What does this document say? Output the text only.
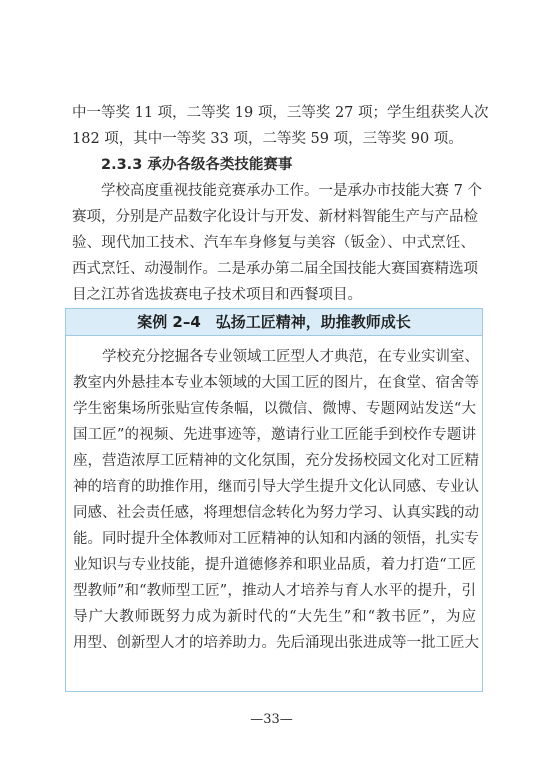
中一等奖 11 项，二等奖 19 项，三等奖 27 项；学生组获奖人次
182 项，其中一等奖 33 项，二等奖 59 项，三等奖 90 项。
2.3.3 承办各级各类技能赛事
学校高度重视技能竞赛承办工作。一是承办市技能大赛 7 个
赛项，分别是产品数字化设计与开发、新材料智能生产与产品检
验、现代加工技术、汽车车身修复与美容（钣金）、中式烹饪、
西式烹饪、动漫制作。二是承办第二届全国技能大赛国赛精选项
目之江苏省选拔赛电子技术项目和西餐项目。
案例 2–4　弘扬工匠精神，助推教师成长
学校充分挖掘各专业领域工匠型人才典范，在专业实训室、
教室内外悬挂本专业本领域的大国工匠的图片，在食堂、宿舍等
学生密集场所张贴宣传条幅，以微信、微博、专题网站发送“大
国工匠”的视频、先进事迹等，邀请行业工匠能手到校作专题讲
座，营造浓厚工匠精神的文化氛围，充分发扬校园文化对工匠精
神的培育的助推作用，继而引导大学生提升文化认同感、专业认
同感、社会责任感，将理想信念转化为努力学习、认真实践的动
能。同时提升全体教师对工匠精神的认知和内涵的领悟，扎实专
业知识与专业技能，提升道德修养和职业品质，着力打造“工匠
型教师”和“教师型工匠”，推动人才培养与育人水平的提升，引
导广大教师既努力成为新时代的“大先生”和“教书匠”，为应
用型、创新型人才的培养助力。先后涌现出张进成等一批工匠大
—33—
